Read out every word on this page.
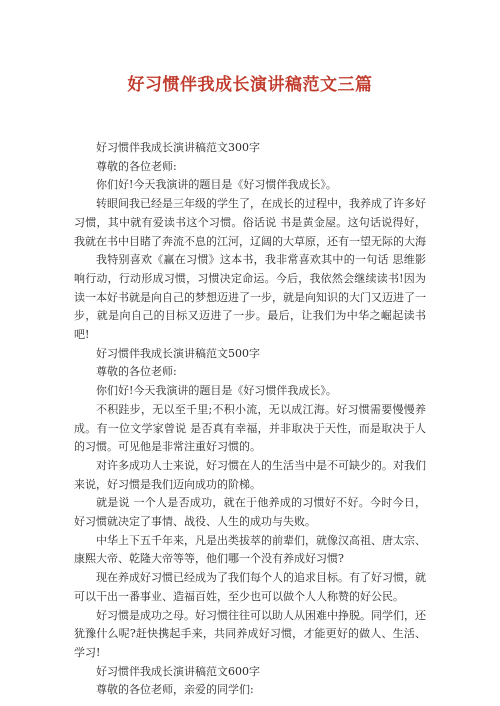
好习惯伴我成长演讲稿范文三篇

好习惯伴我成长演讲稿范文300字

尊敬的各位老师:

你们好!今天我演讲的题目是《好习惯伴我成长》。

转眼间我已经是三年级的学生了，在成长的过程中，我养成了许多好习惯，其中就有爱读书这个习惯。俗话说 书是黄金屋。这句话说得好，我就在书中目睹了奔流不息的江河，辽阔的大草原，还有一望无际的大海

我特别喜欢《赢在习惯》这本书，我非常喜欢其中的一句话 思维影响行动，行动形成习惯，习惯决定命运。今后，我依然会继续读书!因为读一本好书就是向自己的梦想迈进了一步，就是向知识的大门又迈进了一步，就是向自己的目标又迈进了一步。最后，让我们为中华之崛起读书吧!

好习惯伴我成长演讲稿范文500字

尊敬的各位老师:

你们好!今天我演讲的题目是《好习惯伴我成长》。

不积跬步，无以至千里;不积小流，无以成江海。好习惯需要慢慢养成。有一位文学家曾说 是否真有幸福，并非取决于天性，而是取决于人的习惯。可见他是非常注重好习惯的。

对许多成功人士来说，好习惯在人的生活当中是不可缺少的。对我们来说，好习惯是我们迈向成功的阶梯。

就是说 一个人是否成功，就在于他养成的习惯好不好。今时今日，好习惯就决定了事情、战役、人生的成功与失败。

中华上下五千年来，凡是出类拔萃的前辈们，就像汉高祖、唐太宗、康熙大帝、乾隆大帝等等，他们哪一个没有养成好习惯?

现在养成好习惯已经成为了我们每个人的追求目标。有了好习惯，就可以干出一番事业、造福百姓，至少也可以做个人人称赞的好公民。

好习惯是成功之母。好习惯往往可以助人从困难中挣脱。同学们，还犹豫什么呢?赶快携起手来，共同养成好习惯，才能更好的做人、生活、学习!

好习惯伴我成长演讲稿范文600字

尊敬的各位老师，亲爱的同学们:
